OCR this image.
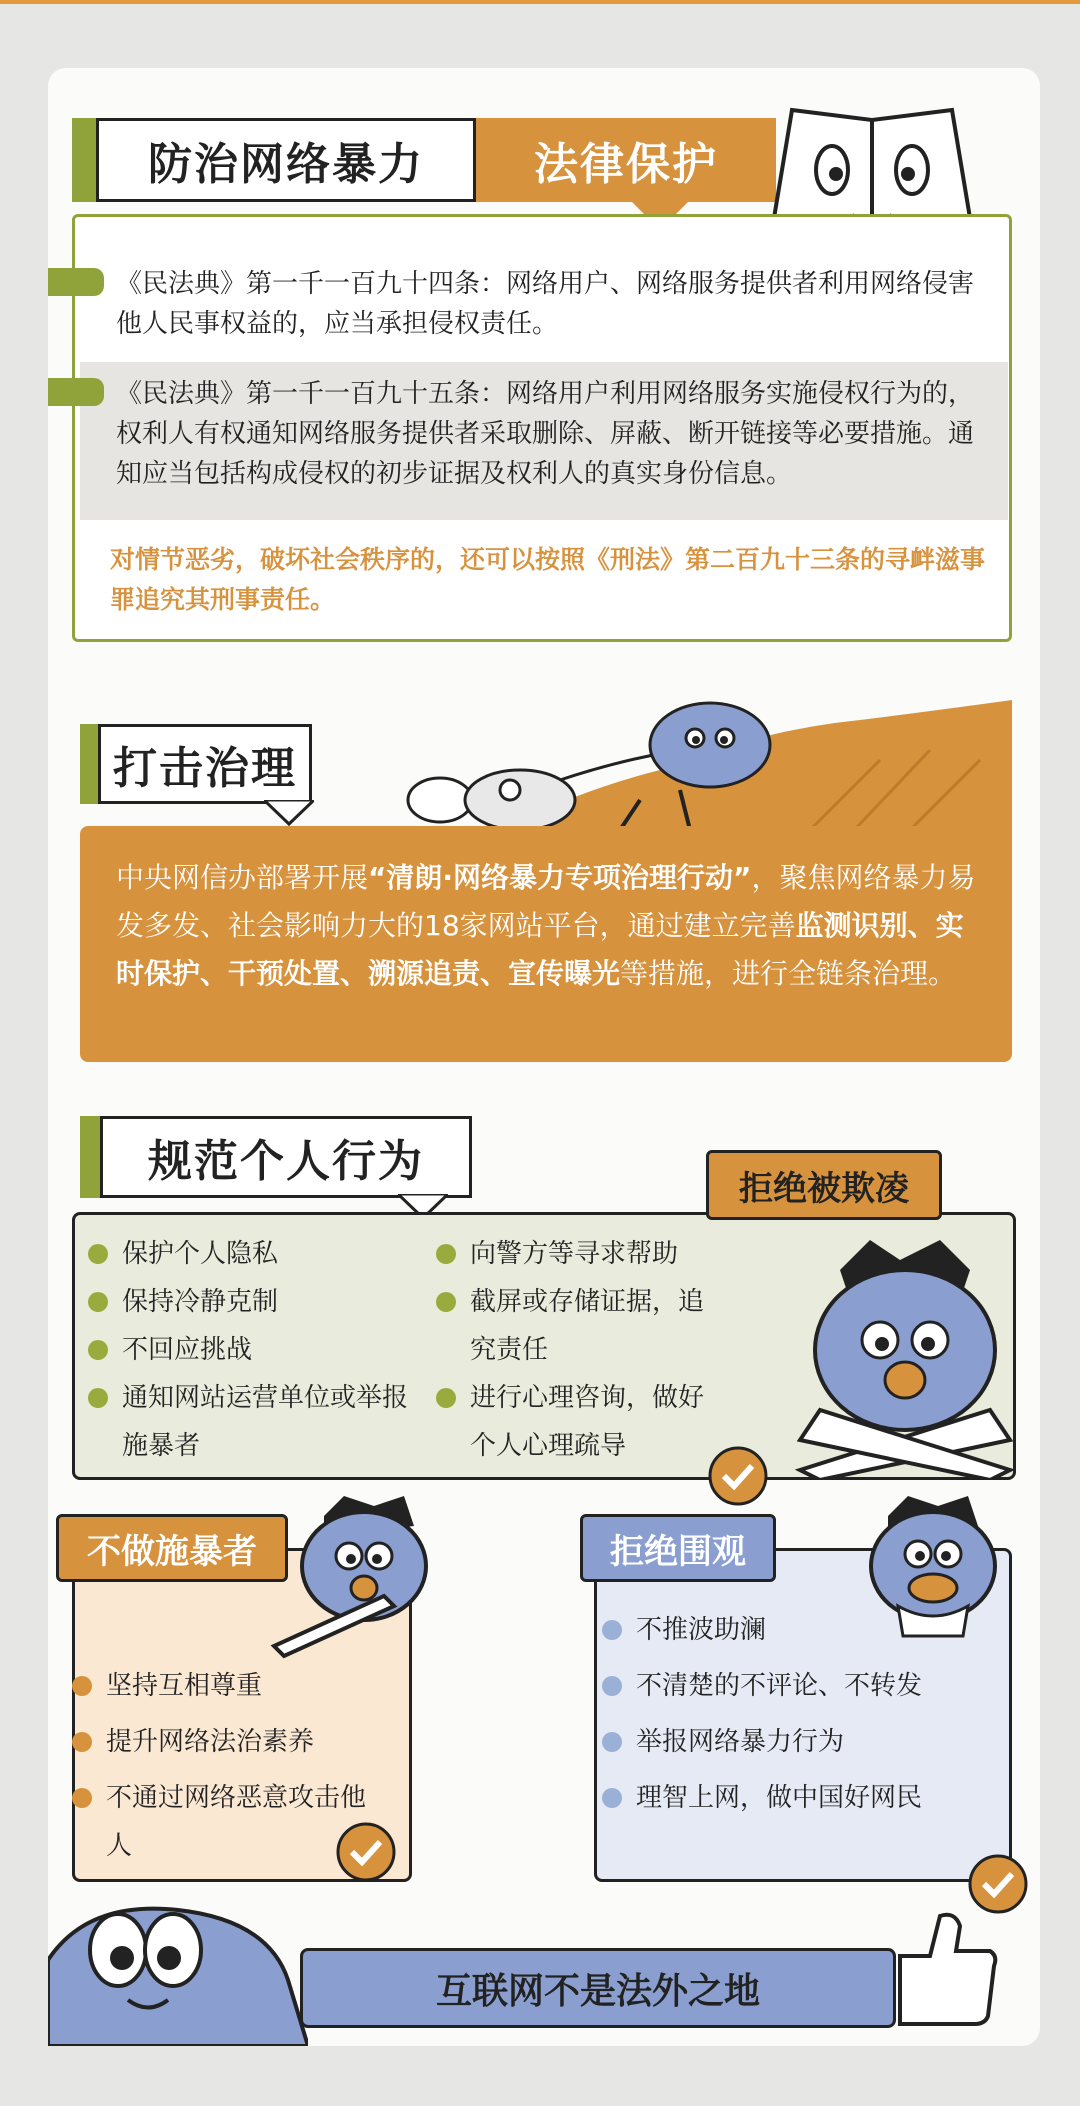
防治网络暴力	法律保护
《民法典》第一千一百九十四条：网络用户、网络服务提供者利用网络侵害他人民事权益的，应当承担侵权责任。
《民法典》第一千一百九十五条：网络用户利用网络服务实施侵权行为的，权利人有权通知网络服务提供者采取删除、屏蔽、断开链接等必要措施。通知应当包括构成侵权的初步证据及权利人的真实身份信息。
对情节恶劣，破坏社会秩序的，还可以按照《刑法》第二百九十三条的寻衅滋事罪追究其刑事责任。
打击治理
中央网信办部署开展“清朗·网络暴力专项治理行动”，聚焦网络暴力易发多发、社会影响力大的18家网站平台，通过建立完善监测识别、实时保护、干预处置、溯源追责、宣传曝光等措施，进行全链条治理。
规范个人行为
拒绝被欺凌
保护个人隐私
保持冷静克制
不回应挑战
通知网站运营单位或举报施暴者
向警方等寻求帮助
截屏或存储证据，追究责任
进行心理咨询，做好个人心理疏导
不做施暴者
坚持互相尊重
提升网络法治素养
不通过网络恶意攻击他人
拒绝围观
不推波助澜
不清楚的不评论、不转发
举报网络暴力行为
理智上网，做中国好网民
互联网不是法外之地
